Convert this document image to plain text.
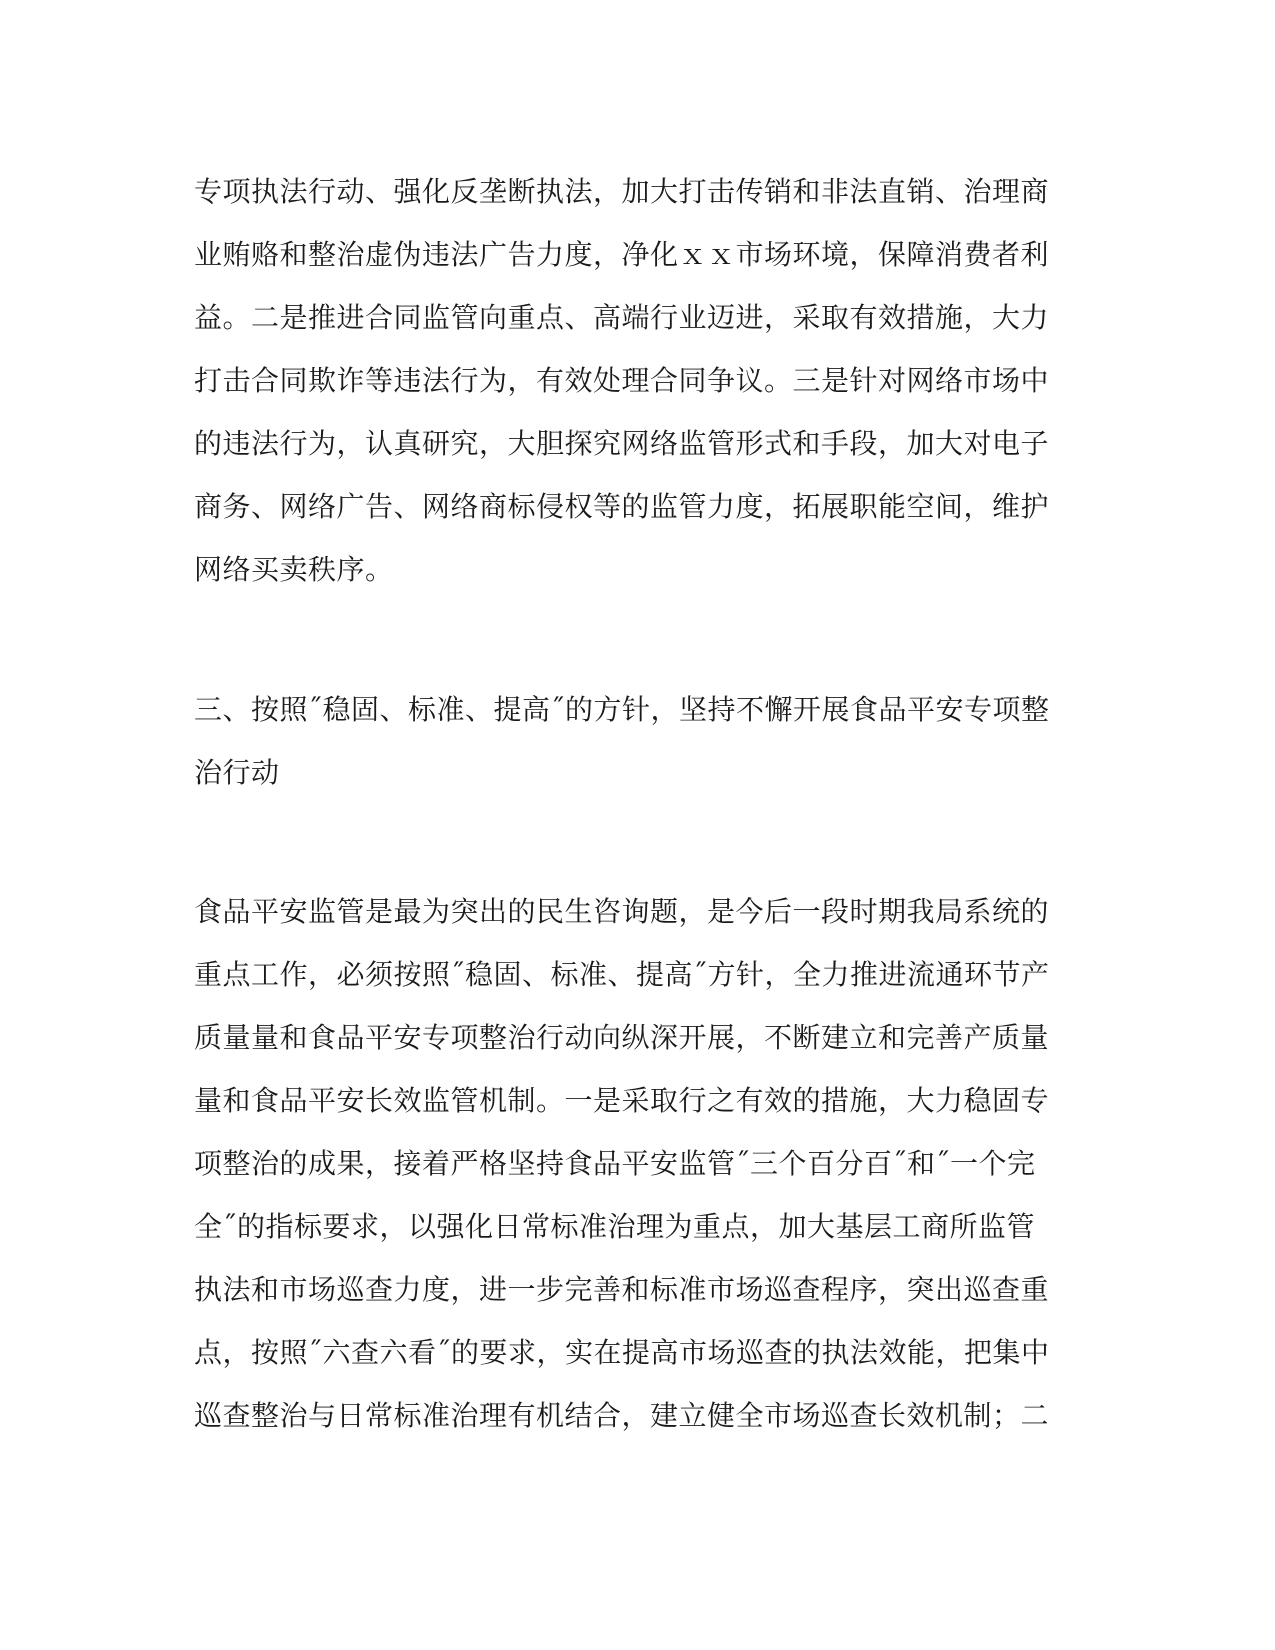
专项执法行动、强化反垄断执法，加大打击传销和非法直销、治理商
业贿赂和整治虚伪违法广告力度，净化ｘｘ市场环境，保障消费者利
益。二是推进合同监管向重点、高端行业迈进，采取有效措施，大力
打击合同欺诈等违法行为，有效处理合同争议。三是针对网络市场中
的违法行为，认真研究，大胆探究网络监管形式和手段，加大对电子
商务、网络广告、网络商标侵权等的监管力度，拓展职能空间，维护
网络买卖秩序。
三、按照˝稳固、标准、提高˝的方针，坚持不懈开展食品平安专项整
治行动
食品平安监管是最为突出的民生咨询题，是今后一段时期我局系统的
重点工作，必须按照˝稳固、标准、提高˝方针，全力推进流通环节产
质量量和食品平安专项整治行动向纵深开展，不断建立和完善产质量
量和食品平安长效监管机制。一是采取行之有效的措施，大力稳固专
项整治的成果，接着严格坚持食品平安监管˝三个百分百˝和˝一个完
全˝的指标要求，以强化日常标准治理为重点，加大基层工商所监管
执法和市场巡查力度，进一步完善和标准市场巡查程序，突出巡查重
点，按照˝六查六看˝的要求，实在提高市场巡查的执法效能，把集中
巡查整治与日常标准治理有机结合，建立健全市场巡查长效机制；二
